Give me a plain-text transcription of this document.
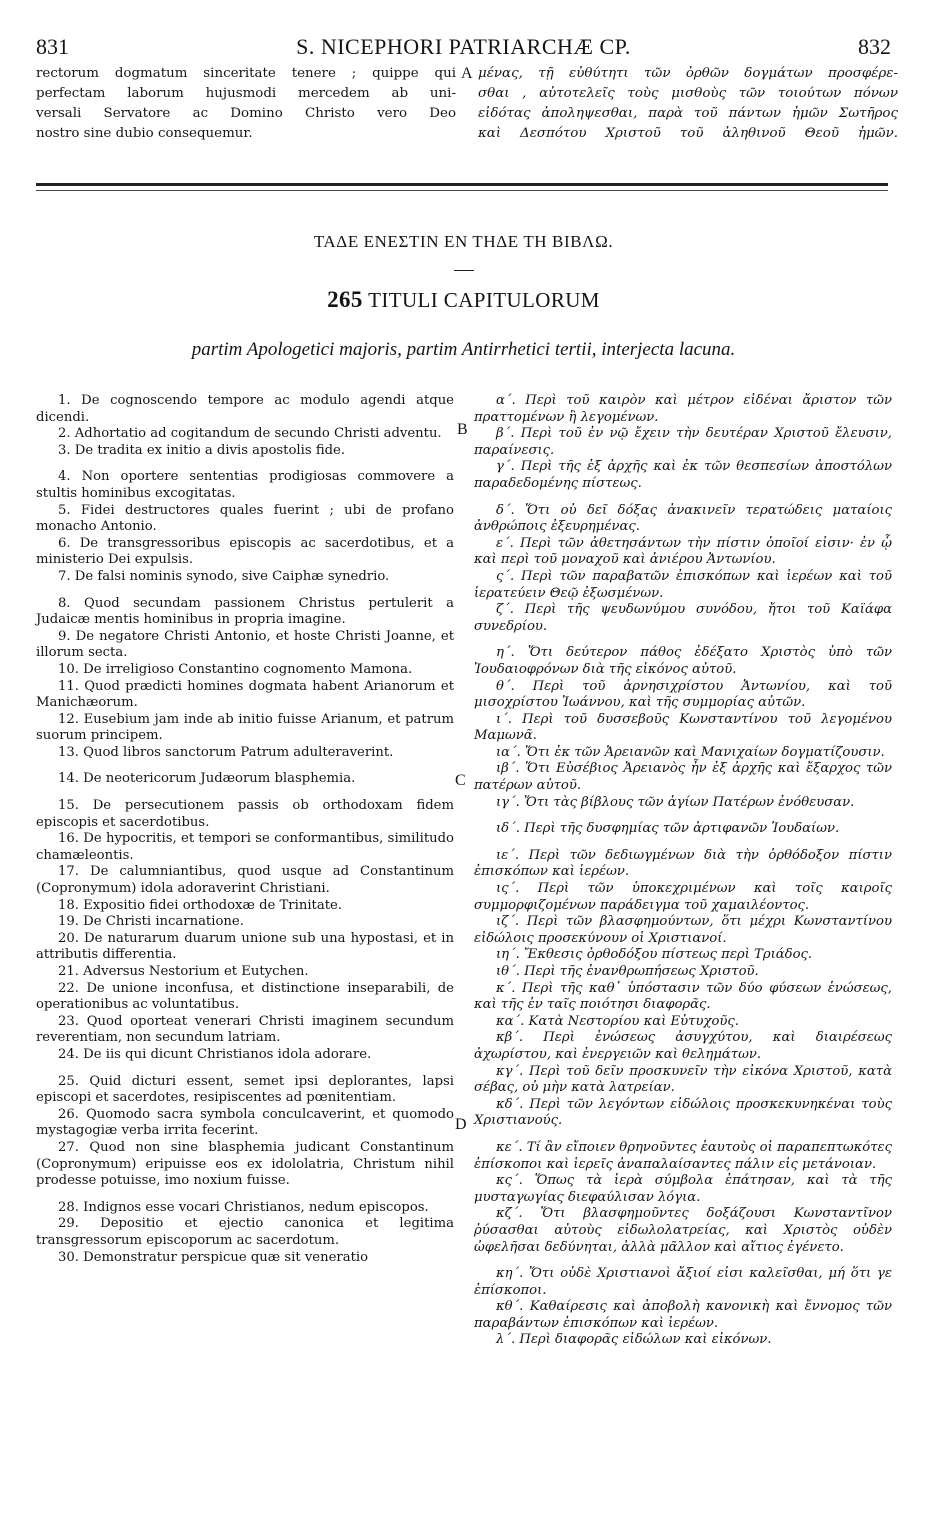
831	S. NICEPHORI PATRIARCHÆ CP.	832
rectorum dogmatum sinceritate tenere ; quippe qui
perfectam laborum hujusmodi mercedem ab uni-
versali Servatore ac Domino Christo vero Deo
nostro sine dubio consequemur.
A μένας, τῇ εὐθύτητι τῶν ὀρθῶν δογμάτων προσφέρε-
σθαι , αὐτοτελεῖς τοὺς μισθοὺς τῶν τοιούτων πόνων
εἰδότας ἀποληψεσθαι, παρὰ τοῦ πάντων ἡμῶν Σωτῆρος
καὶ Δεσπότου Χριστοῦ τοῦ ἀληθινοῦ Θεοῦ ἡμῶν.
ΤΑΔΕ ΕΝΕΣΤΙΝ ΕΝ ΤΗΔΕ ΤΗ ΒΙΒΛΩ.
265 TITULI CAPITULORUM
partim Apologetici majoris, partim Antirrhetici tertii, interjecta lacuna.

1. De cognoscendo tempore ac modulo agendi atque dicendi.

2. Adhortatio ad cogitandum de secundo Christi adventu.

3. De tradita ex initio a divis apostolis fide.

4. Non oportere sententias prodigiosas commovere a stultis hominibus excogitatas.

5. Fidei destructores quales fuerint ; ubi de profano monacho Antonio.

6. De transgressoribus episcopis ac sacerdotibus, et a ministerio Dei expulsis.

7. De falsi nominis synodo, sive Caiphæ synedrio.

8. Quod secundam passionem Christus pertulerit a Judaicæ mentis hominibus in propria imagine.

9. De negatore Christi Antonio, et hoste Christi Joanne, et illorum secta.

10. De irreligioso Constantino cognomento Mamona.

11. Quod prædicti homines dogmata habent Arianorum et Manichæorum.

12. Eusebium jam inde ab initio fuisse Arianum, et patrum suorum principem.

13. Quod libros sanctorum Patrum adulteraverint.

14. De neotericorum Judæorum blasphemia.

15. De persecutionem passis ob orthodoxam fidem episcopis et sacerdotibus.

16. De hypocritis, et tempori se conformantibus, similitudo chamæleontis.

17. De calumniantibus, quod usque ad Constantinum (Copronymum) idola adoraverint Christiani.

18. Expositio fidei orthodoxæ de Trinitate.

19. De Christi incarnatione.

20. De naturarum duarum unione sub una hypostasi, et in attributis differentia.

21. Adversus Nestorium et Eutychen.

22. De unione inconfusa, et distinctione inseparabili, de operationibus ac voluntatibus.

23. Quod oporteat venerari Christi imaginem secundum reverentiam, non secundum latriam.

24. De iis qui dicunt Christianos idola adorare.

25. Quid dicturi essent, semet ipsi deplorantes, lapsi episcopi et sacerdotes, resipiscentes ad pœnitentiam.

26. Quomodo sacra symbola conculcaverint, et quomodo mystagogiæ verba irrita fecerint.

27. Quod non sine blasphemia judicant Constantinum (Copronymum) eripuisse eos ex idololatria, Christum nihil prodesse potuisse, imo noxium fuisse.

28. Indignos esse vocari Christianos, nedum episcopos.

29. Depositio et ejectio canonica et legitima transgressorum episcoporum ac sacerdotum.

30. Demonstratur perspicue quæ sit veneratio

α΄. Περὶ τοῦ καιρὸν καὶ μέτρον εἰδέναι ἄριστον τῶν πραττομένων ἢ λεγομένων.

β΄. Περὶ τοῦ ἐν νῷ ἔχειν τὴν δευτέραν Χριστοῦ ἔλευσιν, παραίνεσις.

γ΄. Περὶ τῆς ἐξ ἀρχῆς καὶ ἐκ τῶν θεσπεσίων ἀποστόλων παραδεδομένης πίστεως.

δ΄. Ὅτι οὐ δεῖ δόξας ἀνακινεῖν τερατώδεις ματαίοις ἀνθρώποις ἐξευρημένας.

ε΄. Περὶ τῶν ἀθετησάντων τὴν πίστιν ὁποῖοί εἰσιν· ἐν ᾧ καὶ περὶ τοῦ μοναχοῦ καὶ ἀνιέρου Ἀντωνίου.

ς΄. Περὶ τῶν παραβατῶν ἐπισκόπων καὶ ἱερέων καὶ τοῦ ἱερατεύειν Θεῷ ἐξωσμένων.

ζ΄. Περὶ τῆς ψευδωνύμου συνόδου, ἤτοι τοῦ Καϊάφα συνεδρίου.

η΄. Ὅτι δεύτερον πάθος ἐδέξατο Χριστὸς ὑπὸ τῶν Ἰουδαιοφρόνων διὰ τῆς εἰκόνος αὐτοῦ.

θ΄. Περὶ τοῦ ἀρνησιχρίστου Ἀντωνίου, καὶ τοῦ μισοχρίστου Ἰωάννου, καὶ τῆς συμμορίας αὐτῶν.

ι΄. Περὶ τοῦ δυσσεβοῦς Κωνσταντίνου τοῦ λεγομένου Μαμωνᾶ.

ια΄. Ὅτι ἐκ τῶν Ἀρειανῶν καὶ Μανιχαίων δογματίζουσιν.

ιβ΄. Ὅτι Εὐσέβιος Ἀρειανὸς ἦν ἐξ ἀρχῆς καὶ ἔξαρχος τῶν πατέρων αὐτοῦ.

ιγ΄. Ὅτι τὰς βίβλους τῶν ἁγίων Πατέρων ἐνόθευσαν.

ιδ΄. Περὶ τῆς δυσφημίας τῶν ἀρτιφανῶν Ἰουδαίων.

ιε΄. Περὶ τῶν δεδιωγμένων διὰ τὴν ὀρθόδοξον πίστιν ἐπισκόπων καὶ ἱερέων.

ις΄. Περὶ τῶν ὑποκεχριμένων καὶ τοῖς καιροῖς συμμορφιζομένων παράδειγμα τοῦ χαμαιλέοντος.

ιζ΄. Περὶ τῶν βλασφημούντων, ὅτι μέχρι Κωνσταντίνου εἰδώλοις προσεκύνουν οἱ Χριστιανοί.

ιη΄. Ἔκθεσις ὀρθοδόξου πίστεως περὶ Τριάδος.

ιθ΄. Περὶ τῆς ἐνανθρωπήσεως Χριστοῦ.

κ΄. Περὶ τῆς καθ᾽ ὑπόστασιν τῶν δύο φύσεων ἑνώσεως, καὶ τῆς ἐν ταῖς ποιότησι διαφορᾶς.

κα΄. Κατὰ Νεστορίου καὶ Εὐτυχοῦς.

κβ΄. Περὶ ἑνώσεως ἀσυγχύτου, καὶ διαιρέσεως ἀχωρίστου, καὶ ἐνεργειῶν καὶ θελημάτων.

κγ΄. Περὶ τοῦ δεῖν προσκυνεῖν τὴν εἰκόνα Χριστοῦ, κατὰ σέβας, οὐ μὴν κατὰ λατρείαν.

κδ΄. Περὶ τῶν λεγόντων εἰδώλοις προσκεκυνηκέναι τοὺς Χριστιανούς.

κε΄. Τί ἂν εἴποιεν θρηνοῦντες ἑαυτοὺς οἱ παραπεπτωκότες ἐπίσκοποι καὶ ἱερεῖς ἀναπαλαίσαντες πάλιν εἰς μετάνοιαν.

κς΄. Ὅπως τὰ ἱερὰ σύμβολα ἐπάτησαν, καὶ τὰ τῆς μυσταγωγίας διεφαύλισαν λόγια.

κζ΄. Ὅτι βλασφημοῦντες δοξάζουσι Κωνσταντῖνον ῥύσασθαι αὐτοὺς εἰδωλολατρείας, καὶ Χριστὸς οὐδὲν ὠφελῆσαι δεδύνηται, ἀλλὰ μᾶλλον καὶ αἴτιος ἐγένετο.

κη΄. Ὅτι οὐδὲ Χριστιανοὶ ἄξιοί εἰσι καλεῖσθαι, μή ὅτι γε ἐπίσκοποι.

κθ΄. Καθαίρεσις καὶ ἀποβολὴ κανονικὴ καὶ ἔννομος τῶν παραβάντων ἐπισκόπων καὶ ἱερέων.

λ΄. Περὶ διαφορᾶς εἰδώλων καὶ εἰκόνων.

B
C
D
